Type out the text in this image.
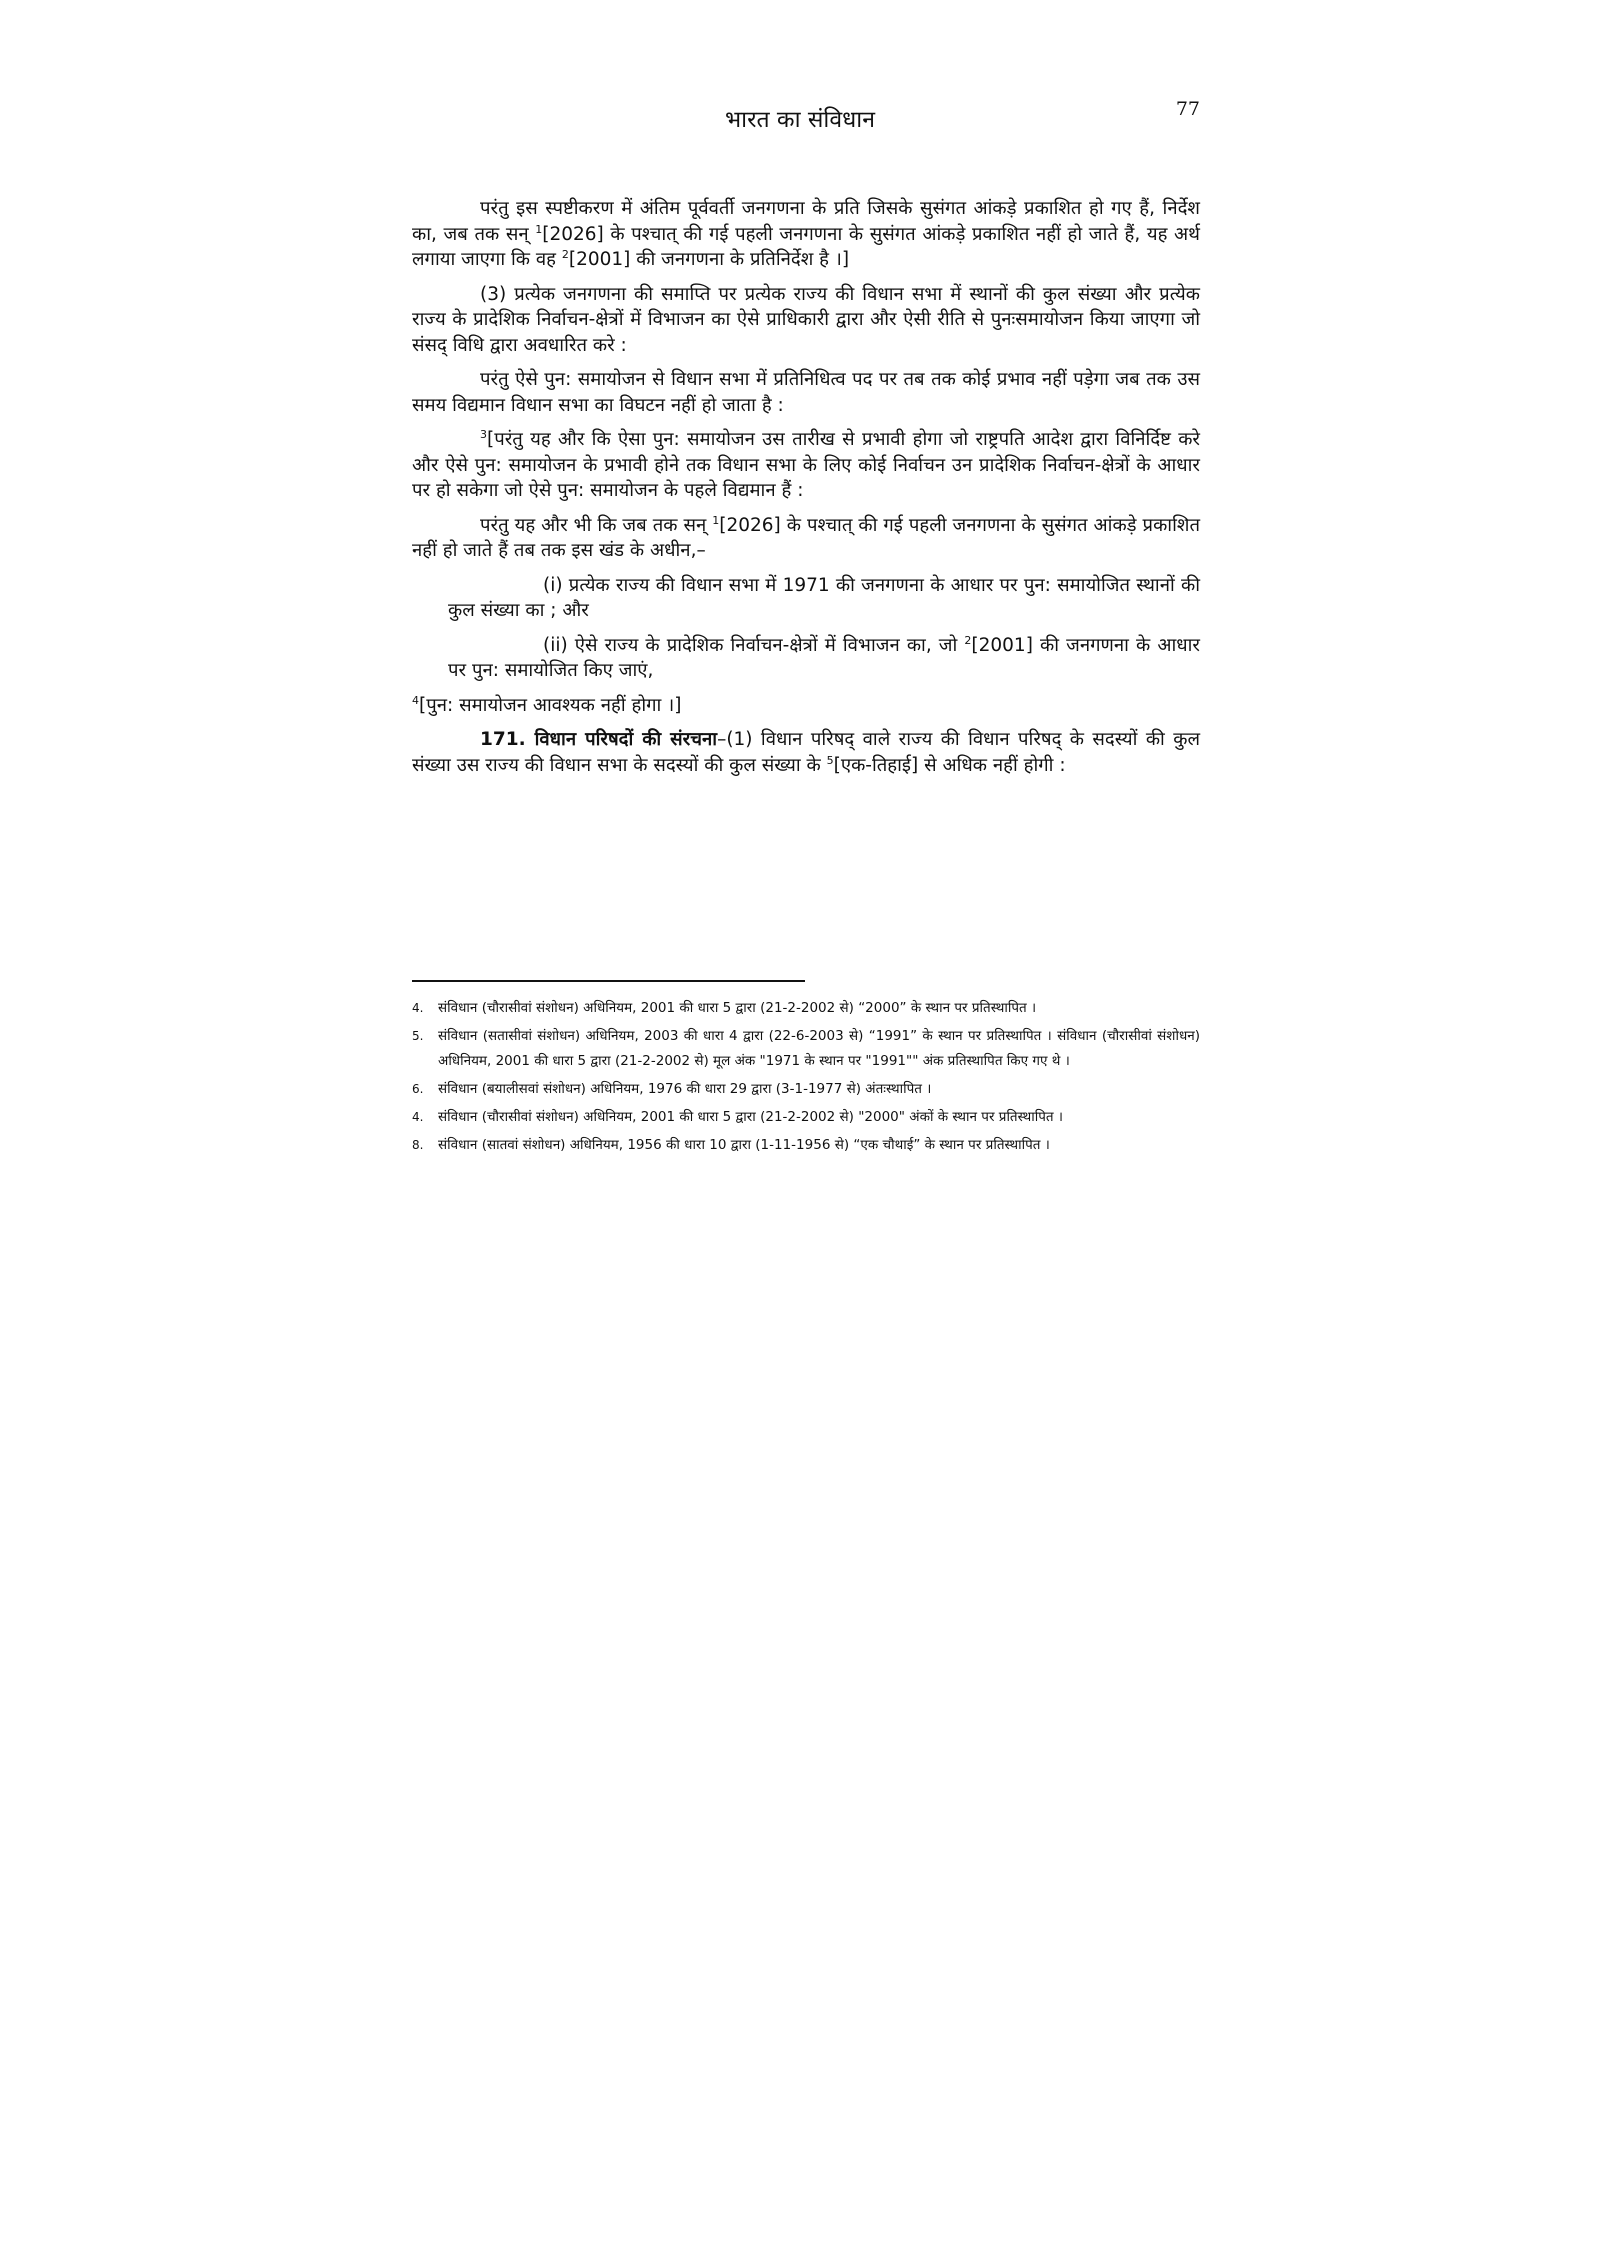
भारत का संविधान	77

परंतु इस स्पष्टीकरण में अंतिम पूर्ववर्ती जनगणना के प्रति जिसके सुसंगत आंकड़े प्रकाशित हो गए हैं, निर्देश का, जब तक सन् $^1$[2026] के पश्चात् की गई पहली जनगणना के सुसंगत आंकड़े प्रकाशित नहीं हो जाते हैं, यह अर्थ लगाया जाएगा कि वह $^2$[2001] की जनगणना के प्रतिनिर्देश है ।]

(3) प्रत्येक जनगणना की समाप्ति पर प्रत्येक राज्य की विधान सभा में स्थानों की कुल संख्या और प्रत्येक राज्य के प्रादेशिक निर्वाचन-क्षेत्रों में विभाजन का ऐसे प्राधिकारी द्वारा और ऐसी रीति से पुनःसमायोजन किया जाएगा जो संसद् विधि द्वारा अवधारित करे :

परंतु ऐसे पुन: समायोजन से विधान सभा में प्रतिनिधित्व पद पर तब तक कोई प्रभाव नहीं पड़ेगा जब तक उस समय विद्यमान विधान सभा का विघटन नहीं हो जाता है :

$^3$[परंतु यह और कि ऐसा पुन: समायोजन उस तारीख से प्रभावी होगा जो राष्ट्रपति आदेश द्वारा विनिर्दिष्ट करे और ऐसे पुन: समायोजन के प्रभावी होने तक विधान सभा के लिए कोई निर्वाचन उन प्रादेशिक निर्वाचन-क्षेत्रों के आधार पर हो सकेगा जो ऐसे पुन: समायोजन के पहले विद्यमान हैं :

परंतु यह और भी कि जब तक सन् $^1$[2026] के पश्चात् की गई पहली जनगणना के सुसंगत आंकड़े प्रकाशित नहीं हो जाते हैं तब तक इस खंड के अधीन,–

(i) प्रत्येक राज्य की विधान सभा में 1971 की जनगणना के आधार पर पुन: समायोजित स्थानों की कुल संख्या का ; और

(ii) ऐसे राज्य के प्रादेशिक निर्वाचन-क्षेत्रों में विभाजन का, जो $^2$[2001] की जनगणना के आधार पर पुन: समायोजित किए जाएं,

$^4$[पुन: समायोजन आवश्यक नहीं होगा ।]

171. विधान परिषदों की संरचना–(1) विधान परिषद् वाले राज्य की विधान परिषद् के सदस्यों की कुल संख्या उस राज्य की विधान सभा के सदस्यों की कुल संख्या के $^5$[एक-तिहाई] से अधिक नहीं होगी :

4. संविधान (चौरासीवां संशोधन) अधिनियम, 2001 की धारा 5 द्वारा (21-2-2002 से) “2000” के स्थान पर प्रतिस्थापित ।
5. संविधान (सतासीवां संशोधन) अधिनियम, 2003 की धारा 4 द्वारा (22-6-2003 से) “1991” के स्थान पर प्रतिस्थापित । संविधान (चौरासीवां संशोधन) अधिनियम, 2001 की धारा 5 द्वारा (21-2-2002 से) मूल अंक "1971 के स्थान पर "1991"" अंक प्रतिस्थापित किए गए थे ।
6. संविधान (बयालीसवां संशोधन) अधिनियम, 1976 की धारा 29 द्वारा (3-1-1977 से) अंतःस्थापित ।
4. संविधान (चौरासीवां संशोधन) अधिनियम, 2001 की धारा 5 द्वारा (21-2-2002 से) "2000" अंकों के स्थान पर प्रतिस्थापित ।
8. संविधान (सातवां संशोधन) अधिनियम, 1956 की धारा 10 द्वारा (1-11-1956 से) “एक चौथाई” के स्थान पर प्रतिस्थापित ।
